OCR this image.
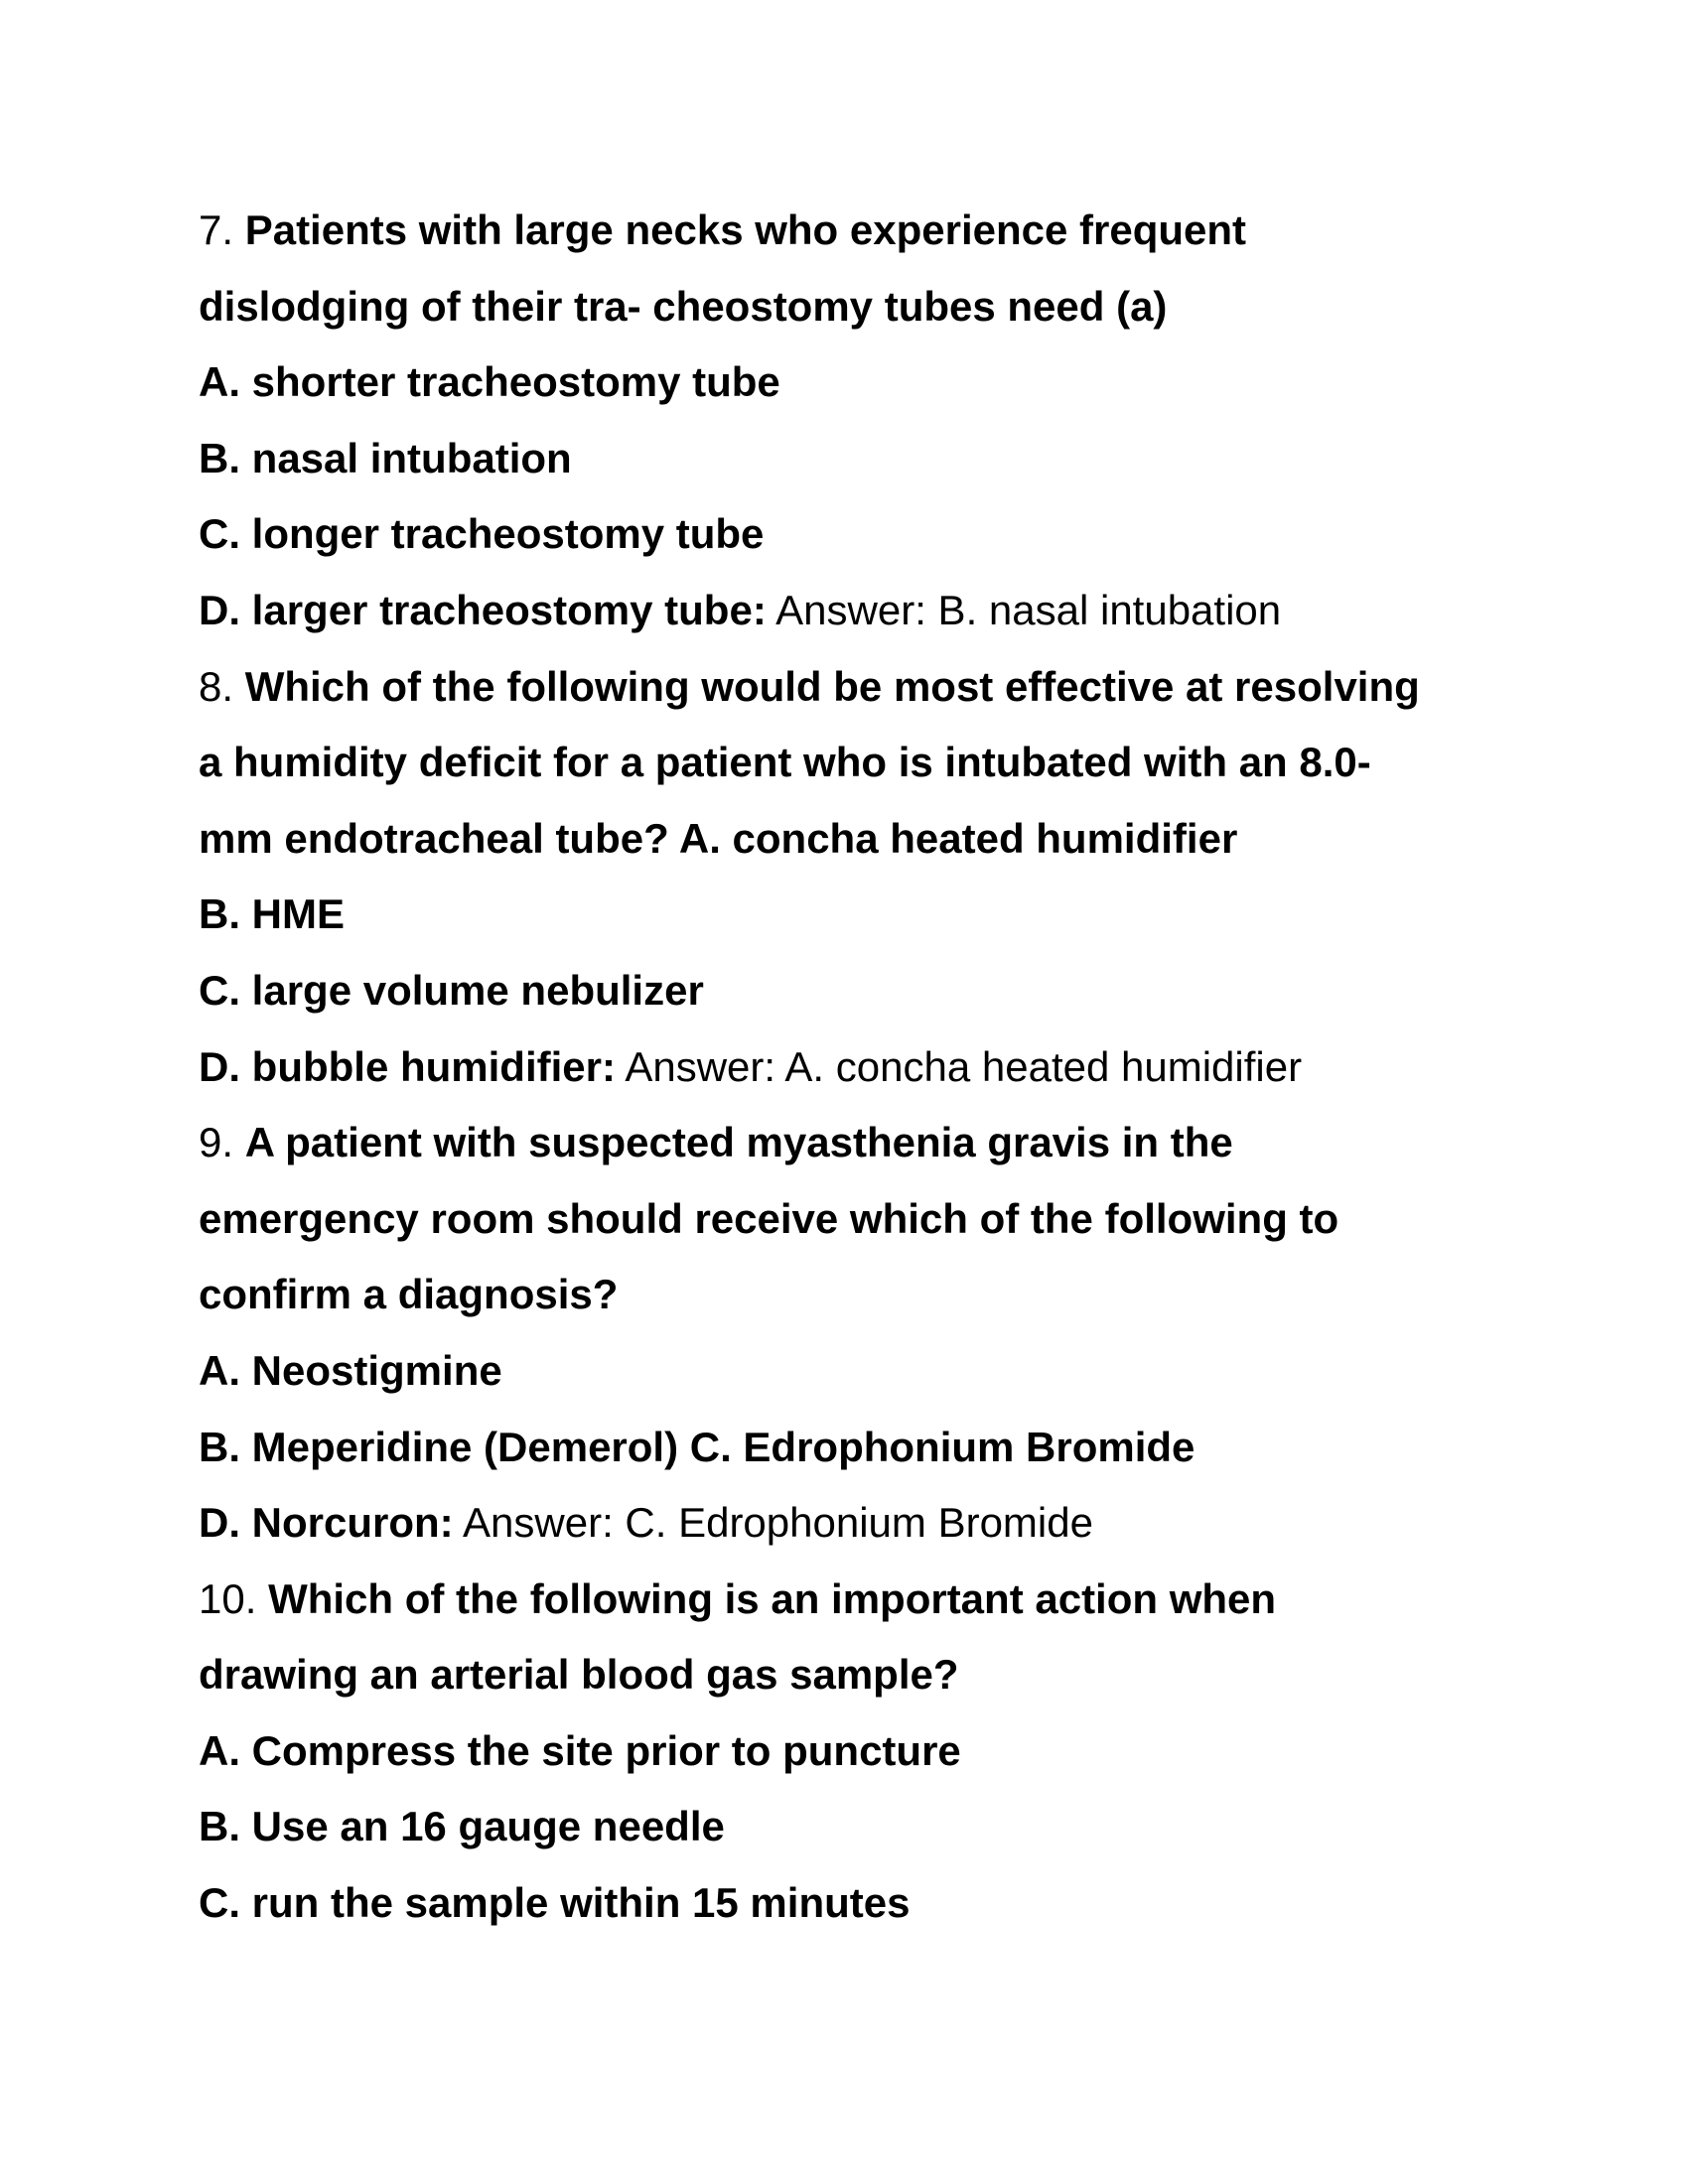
7. Patients with large necks who experience frequent

dislodging of their tra- cheostomy tubes need (a)

A. shorter tracheostomy tube

B. nasal intubation

C. longer tracheostomy tube

D. larger tracheostomy tube: Answer: B. nasal intubation

8. Which of the following would be most effective at resolving

a humidity deficit for a patient who is intubated with an 8.0-

mm endotracheal tube? A. concha heated humidifier

B. HME

C. large volume nebulizer

D. bubble humidifier: Answer: A. concha heated humidifier

9. A patient with suspected myasthenia gravis in the

emergency room should receive which of the following to

confirm a diagnosis?

A. Neostigmine

B. Meperidine (Demerol) C. Edrophonium Bromide

D. Norcuron: Answer: C. Edrophonium Bromide

10. Which of the following is an important action when

drawing an arterial blood gas sample?

A. Compress the site prior to puncture

B. Use an 16 gauge needle

C. run the sample within 15 minutes
